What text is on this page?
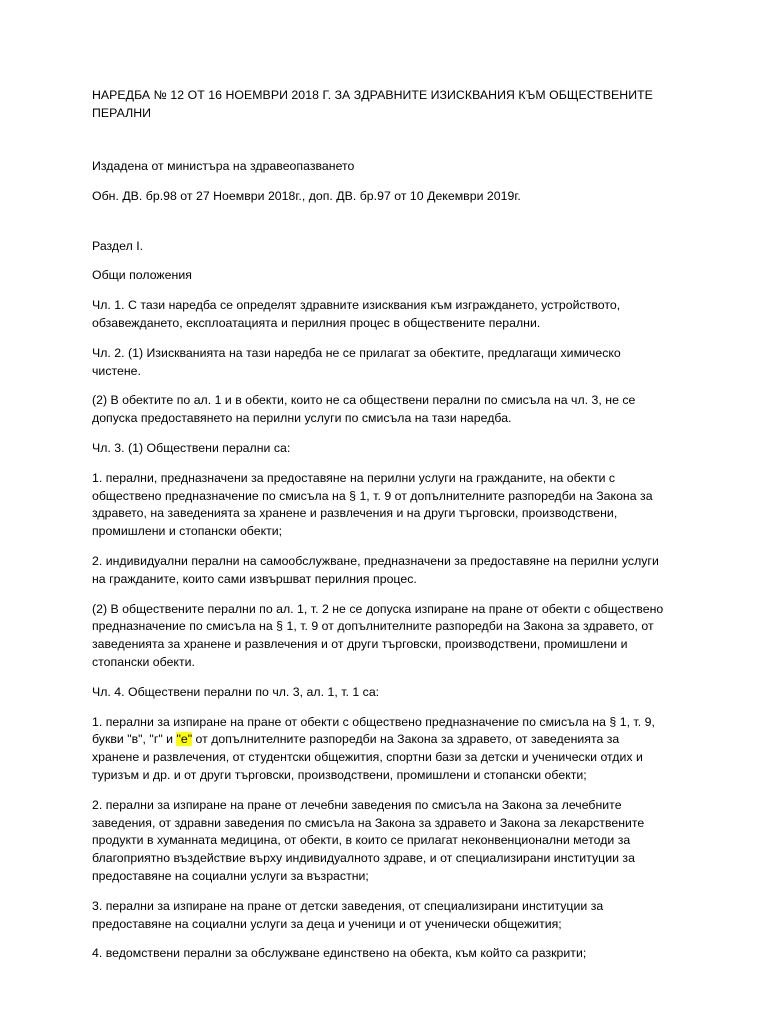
НАРЕДБА № 12 ОТ 16 НОЕМВРИ 2018 Г. ЗА ЗДРАВНИТЕ ИЗИСКВАНИЯ КЪМ ОБЩЕСТВЕНИТЕ ПЕРАЛНИ

Издадена от министъра на здравеопазването

Обн. ДВ. бр.98 от 27 Ноември 2018г., доп. ДВ. бр.97 от 10 Декември 2019г.

Раздел I.

Общи положения

Чл. 1. С тази наредба се определят здравните изисквания към изграждането, устройството, обзавеждането, експлоатацията и перилния процес в обществените перални.

Чл. 2. (1) Изискванията на тази наредба не се прилагат за обектите, предлагащи химическо чистене.

(2) В обектите по ал. 1 и в обекти, които не са обществени перални по смисъла на чл. 3, не се допуска предоставянето на перилни услуги по смисъла на тази наредба.

Чл. 3. (1) Обществени перални са:

1. перални, предназначени за предоставяне на перилни услуги на гражданите, на обекти с обществено предназначение по смисъла на § 1, т. 9 от допълнителните разпоредби на Закона за здравето, на заведенията за хранене и развлечения и на други търговски, производствени, промишлени и стопански обекти;

2. индивидуални перални на самообслужване, предназначени за предоставяне на перилни услуги на гражданите, които сами извършват перилния процес.

(2) В обществените перални по ал. 1, т. 2 не се допуска изпиране на пране от обекти с обществено предназначение по смисъла на § 1, т. 9 от допълнителните разпоредби на Закона за здравето, от заведенията за хранене и развлечения и от други търговски, производствени, промишлени и стопански обекти.

Чл. 4. Обществени перални по чл. 3, ал. 1, т. 1 са:

1. перални за изпиране на пране от обекти с обществено предназначение по смисъла на § 1, т. 9, букви "в", "г" и "е" от допълнителните разпоредби на Закона за здравето, от заведенията за хранене и развлечения, от студентски общежития, спортни бази за детски и ученически отдих и туризъм и др. и от други търговски, производствени, промишлени и стопански обекти;

2. перални за изпиране на пране от лечебни заведения по смисъла на Закона за лечебните заведения, от здравни заведения по смисъла на Закона за здравето и Закона за лекарствените продукти в хуманната медицина, от обекти, в които се прилагат неконвенционални методи за благоприятно въздействие върху индивидуалното здраве, и от специализирани институции за предоставяне на социални услуги за възрастни;

3. перални за изпиране на пране от детски заведения, от специализирани институции за предоставяне на социални услуги за деца и ученици и от ученически общежития;

4. ведомствени перални за обслужване единствено на обекта, към който са разкрити;
